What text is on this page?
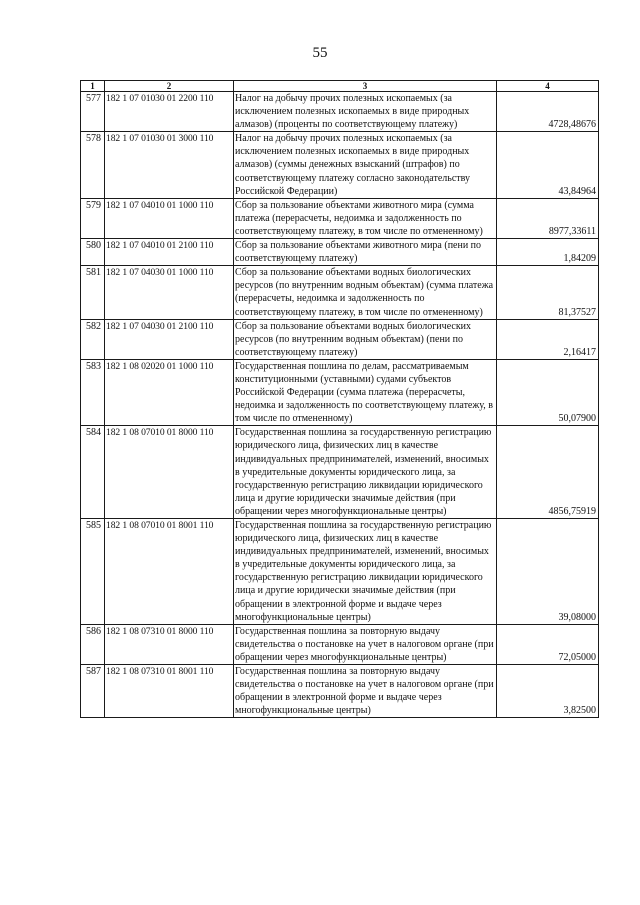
55
1	2	3	4
577	182 1 07 01030 01 2200 110	Налог на добычу прочих полезных ископаемых (за исключением полезных ископаемых в виде природных алмазов) (проценты по соответствующему платежу)	4728,48676
578	182 1 07 01030 01 3000 110	Налог на добычу прочих полезных ископаемых (за исключением полезных ископаемых в виде природных алмазов) (суммы денежных взысканий (штрафов) по соответствующему платежу согласно законодательству Российской Федерации)	43,84964
579	182 1 07 04010 01 1000 110	Сбор за пользование объектами животного мира (сумма платежа (перерасчеты, недоимка и задолженность по соответствующему платежу, в том числе по отмененному)	8977,33611
580	182 1 07 04010 01 2100 110	Сбор за пользование объектами животного мира (пени по соответствующему платежу)	1,84209
581	182 1 07 04030 01 1000 110	Сбор за пользование объектами водных биологических ресурсов (по внутренним водным объектам) (сумма платежа (перерасчеты, недоимка и задолженность по соответствующему платежу, в том числе по отмененному)	81,37527
582	182 1 07 04030 01 2100 110	Сбор за пользование объектами водных биологических ресурсов (по внутренним водным объектам) (пени по соответствующему платежу)	2,16417
583	182 1 08 02020 01 1000 110	Государственная пошлина по делам, рассматриваемым конституционными (уставными) судами субъектов Российской Федерации (сумма платежа (перерасчеты, недоимка и задолженность по соответствующему платежу, в том числе по отмененному)	50,07900
584	182 1 08 07010 01 8000 110	Государственная пошлина за государственную регистрацию юридического лица, физических лиц в качестве индивидуальных предпринимателей, изменений, вносимых в учредительные документы юридического лица, за государственную регистрацию ликвидации юридического лица и другие юридически значимые действия (при обращении через многофункциональные центры)	4856,75919
585	182 1 08 07010 01 8001 110	Государственная пошлина за государственную регистрацию юридического лица, физических лиц в качестве индивидуальных предпринимателей, изменений, вносимых в учредительные документы юридического лица, за государственную регистрацию ликвидации юридического лица и другие юридически значимые действия (при обращении в электронной форме и выдаче через многофункциональные центры)	39,08000
586	182 1 08 07310 01 8000 110	Государственная пошлина за повторную выдачу свидетельства о постановке на учет в налоговом органе (при обращении через многофункциональные центры)	72,05000
587	182 1 08 07310 01 8001 110	Государственная пошлина за повторную выдачу свидетельства о постановке на учет в налоговом органе (при обращении в электронной форме и выдаче через многофункциональные центры)	3,82500
